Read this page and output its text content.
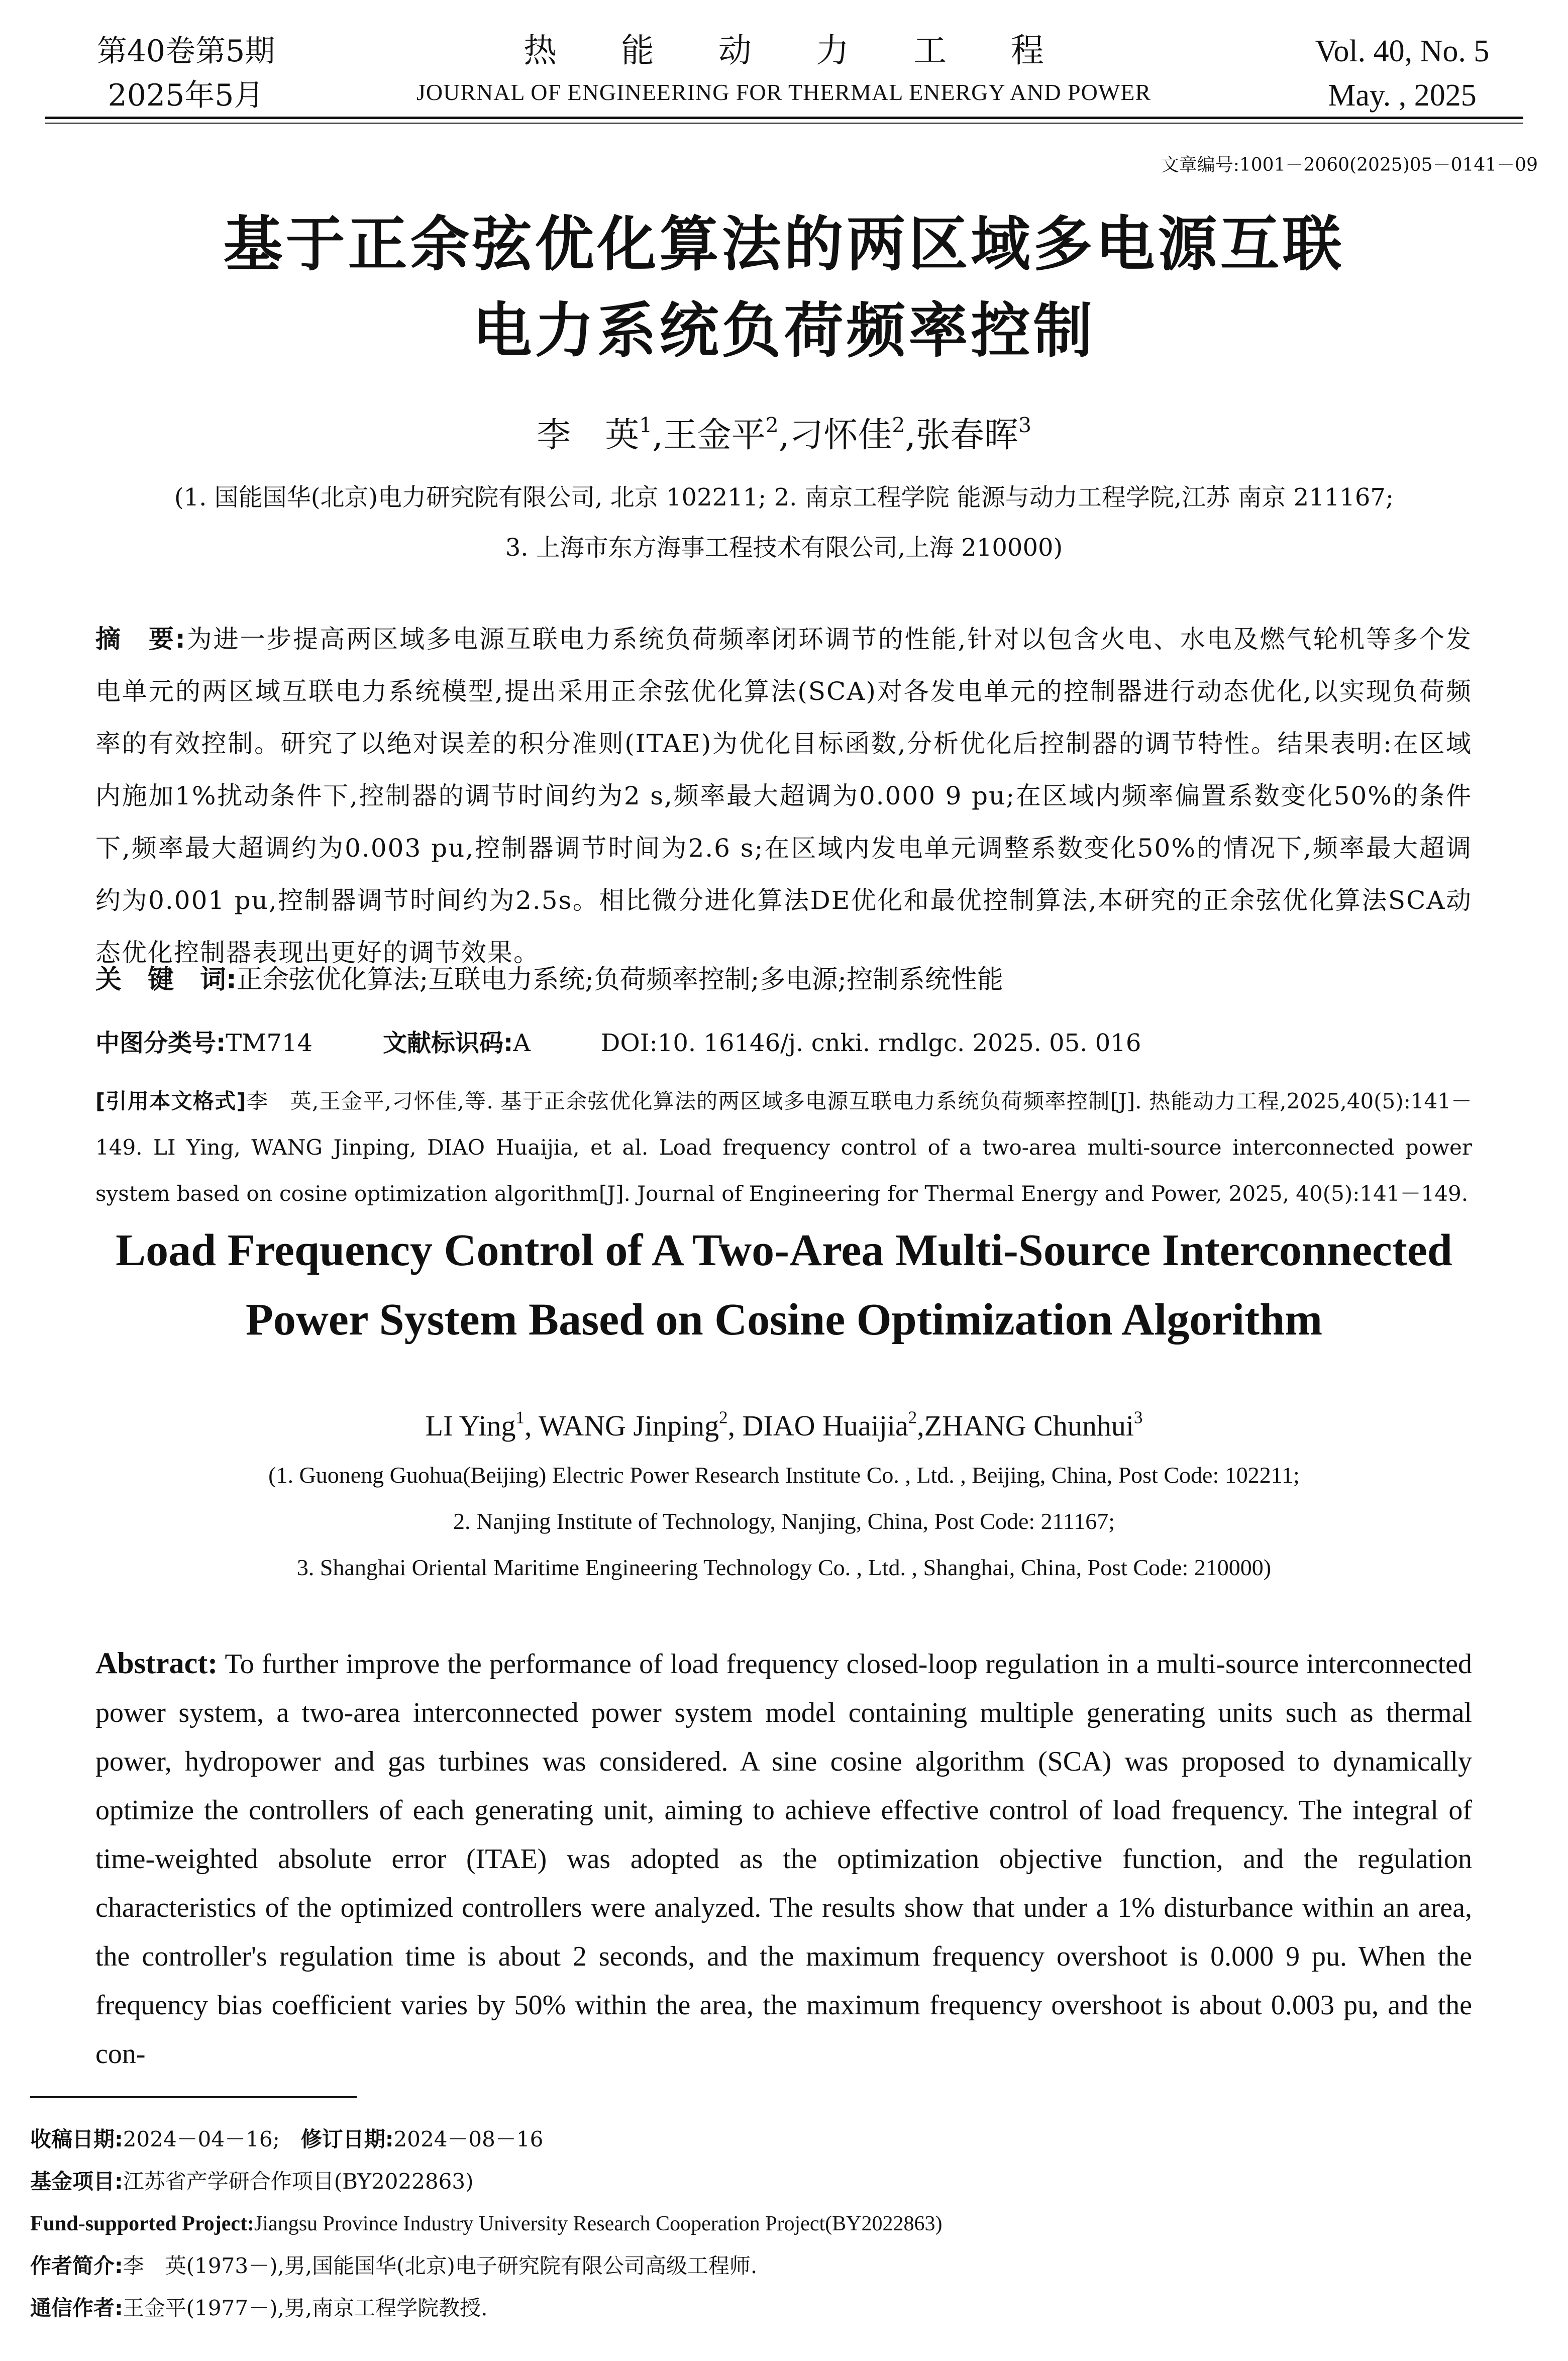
第40卷第5期
2025年5月
热能动力工程
JOURNAL OF ENGINEERING FOR THERMAL ENERGY AND POWER
Vol. 40, No. 5
May. , 2025
文章编号:1001－2060(2025)05－0141－09
基于正余弦优化算法的两区域多电源互联
电力系统负荷频率控制
李　英$^1$,王金平$^2$,刁怀佳$^2$,张春晖$^3$
(1. 国能国华(北京)电力研究院有限公司, 北京 102211; 2. 南京工程学院 能源与动力工程学院,江苏 南京 211167;
3. 上海市东方海事工程技术有限公司,上海 210000)
摘　要:为进一步提高两区域多电源互联电力系统负荷频率闭环调节的性能,针对以包含火电、水电及燃气轮机等多个发电单元的两区域互联电力系统模型,提出采用正余弦优化算法(SCA)对各发电单元的控制器进行动态优化,以实现负荷频率的有效控制。研究了以绝对误差的积分准则(ITAE)为优化目标函数,分析优化后控制器的调节特性。结果表明:在区域内施加1%扰动条件下,控制器的调节时间约为2 s,频率最大超调为0.000 9 pu;在区域内频率偏置系数变化50%的条件下,频率最大超调约为0.003 pu,控制器调节时间为2.6 s;在区域内发电单元调整系数变化50%的情况下,频率最大超调约为0.001 pu,控制器调节时间约为2.5s。相比微分进化算法DE优化和最优控制算法,本研究的正余弦优化算法SCA动态优化控制器表现出更好的调节效果。
关　键　词:正余弦优化算法;互联电力系统;负荷频率控制;多电源;控制系统性能
中图分类号:TM714	文献标识码:A	DOI:10. 16146/j. cnki. rndlgc. 2025. 05. 016
[引用本文格式]李　英,王金平,刁怀佳,等. 基于正余弦优化算法的两区域多电源互联电力系统负荷频率控制[J]. 热能动力工程,2025,40(5):141－149. LI Ying, WANG Jinping, DIAO Huaijia, et al. Load frequency control of a two-area multi-source interconnected power system based on cosine optimization algorithm[J]. Journal of Engineering for Thermal Energy and Power, 2025, 40(5):141－149.
Load Frequency Control of A Two-Area Multi-Source Interconnected
Power System Based on Cosine Optimization Algorithm
LI Ying$^1$, WANG Jinping$^2$, DIAO Huaijia$^2$,ZHANG Chunhui$^3$
(1. Guoneng Guohua(Beijing) Electric Power Research Institute Co. , Ltd. , Beijing, China, Post Code: 102211;
2. Nanjing Institute of Technology, Nanjing, China, Post Code: 211167;
3. Shanghai Oriental Maritime Engineering Technology Co. , Ltd. , Shanghai, China, Post Code: 210000)
Abstract: To further improve the performance of load frequency closed-loop regulation in a multi-source interconnected power system, a two-area interconnected power system model containing multiple generating units such as thermal power, hydropower and gas turbines was considered. A sine cosine algorithm (SCA) was proposed to dynamically optimize the controllers of each generating unit, aiming to achieve effective control of load frequency. The integral of time-weighted absolute error (ITAE) was adopted as the optimization objective function, and the regulation characteristics of the optimized controllers were analyzed. The results show that under a 1% disturbance within an area, the controller's regulation time is about 2 seconds, and the maximum frequency overshoot is 0.000 9 pu. When the frequency bias coefficient varies by 50% within the area, the maximum frequency overshoot is about 0.003 pu, and the con-
收稿日期:2024－04－16;　 修订日期:2024－08－16
基金项目:江苏省产学研合作项目(BY2022863)
Fund-supported Project:Jiangsu Province Industry University Research Cooperation Project(BY2022863)
作者简介:李　英(1973－),男,国能国华(北京)电子研究院有限公司高级工程师.
通信作者:王金平(1977－),男,南京工程学院教授.
